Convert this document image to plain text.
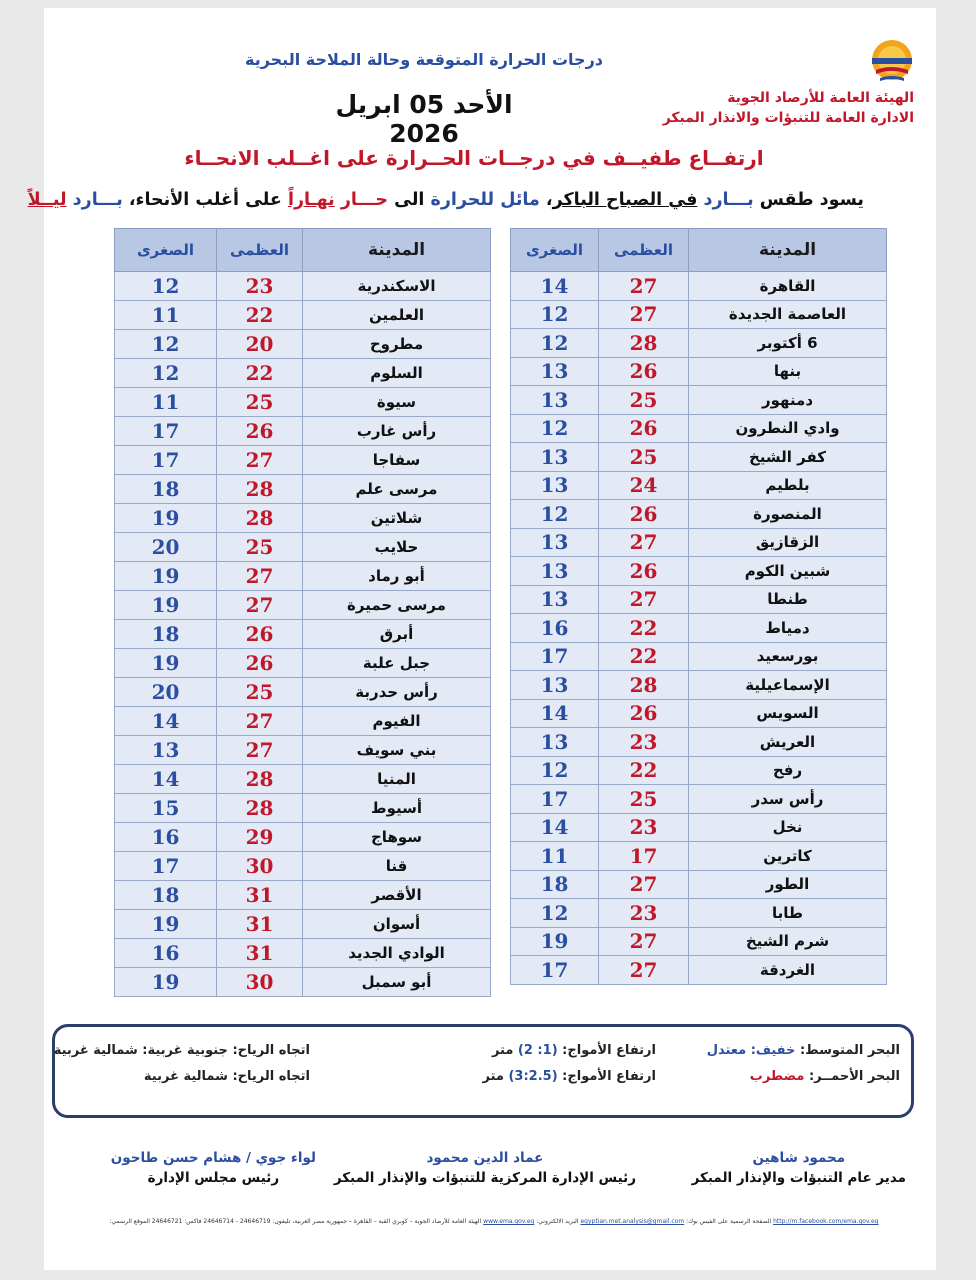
الهيئة العامة للأرصاد الجوية
الادارة العامة للتنبؤات والانذار المبكر
درجات الحرارة المتوقعة وحالة الملاحة البحرية
الأحد 05 ابريل 2026
ارتفــاع طفيــف في درجــات الحــرارة على اغــلب الانحــاء
يسود طقس بـــارد في الصباح الباكر، مائل للحرارة الى حـــار نهـاراً على أغلب الأنحاء، بـــارد ليــلاً
المدينة	العظمى	الصغرى
القاهرة	27	14
العاصمة الجديدة	27	12
6 أكتوبر	28	12
بنها	26	13
دمنهور	25	13
وادي النطرون	26	12
كفر الشيخ	25	13
بلطيم	24	13
المنصورة	26	12
الزقازيق	27	13
شبين الكوم	26	13
طنطا	27	13
دمياط	22	16
بورسعيد	22	17
الإسماعيلية	28	13
السويس	26	14
العريش	23	13
رفح	22	12
رأس سدر	25	17
نخل	23	14
كاترين	17	11
الطور	27	18
طابا	23	12
شرم الشيخ	27	19
الغردقة	27	17
المدينة	العظمى	الصغرى
الاسكندرية	23	12
العلمين	22	11
مطروح	20	12
السلوم	22	12
سيوة	25	11
رأس غارب	26	17
سفاجا	27	17
مرسى علم	28	18
شلاتين	28	19
حلايب	25	20
أبو رماد	27	19
مرسى حميرة	27	19
أبرق	26	18
جبل علبة	26	19
رأس حدربة	25	20
الفيوم	27	14
بني سويف	27	13
المنيا	28	14
أسيوط	28	15
سوهاج	29	16
قنا	30	17
الأقصر	31	18
أسوان	31	19
الوادي الجديد	31	16
أبو سمبل	30	19
البحر المتوسط: خفيف: معتدل
ارتفاع الأمواج: (1: 2) متر
اتجاه الرياح: جنوبية غربية: شمالية غربية
البحر الأحمــر: مضطرب
ارتفاع الأمواج: (3:2.5) متر
اتجاه الرياح: شمالية غربية
محمود شاهين
مدير عام التنبؤات والإنذار المبكر
عماد الدين محمود
رئيس الإدارة المركزية للتنبؤات والإنذار المبكر
لواء جوي / هشام حسن طاحون
رئيس مجلس الإدارة
http://m.facebook.com/ema.gov.eg الصفحة الرسمية على الفيس بوك: egyptian.met.analysis@gmail.com البريد الالكتروني: www.ema.gov.eg الهيئة العامة للأرصاد الجوية – كوبري القبة – القاهرة – جمهورية مصر العربية، تليفون: 24646719 - 24646714 فاكس: 24646721 الموقع الرسمي:
